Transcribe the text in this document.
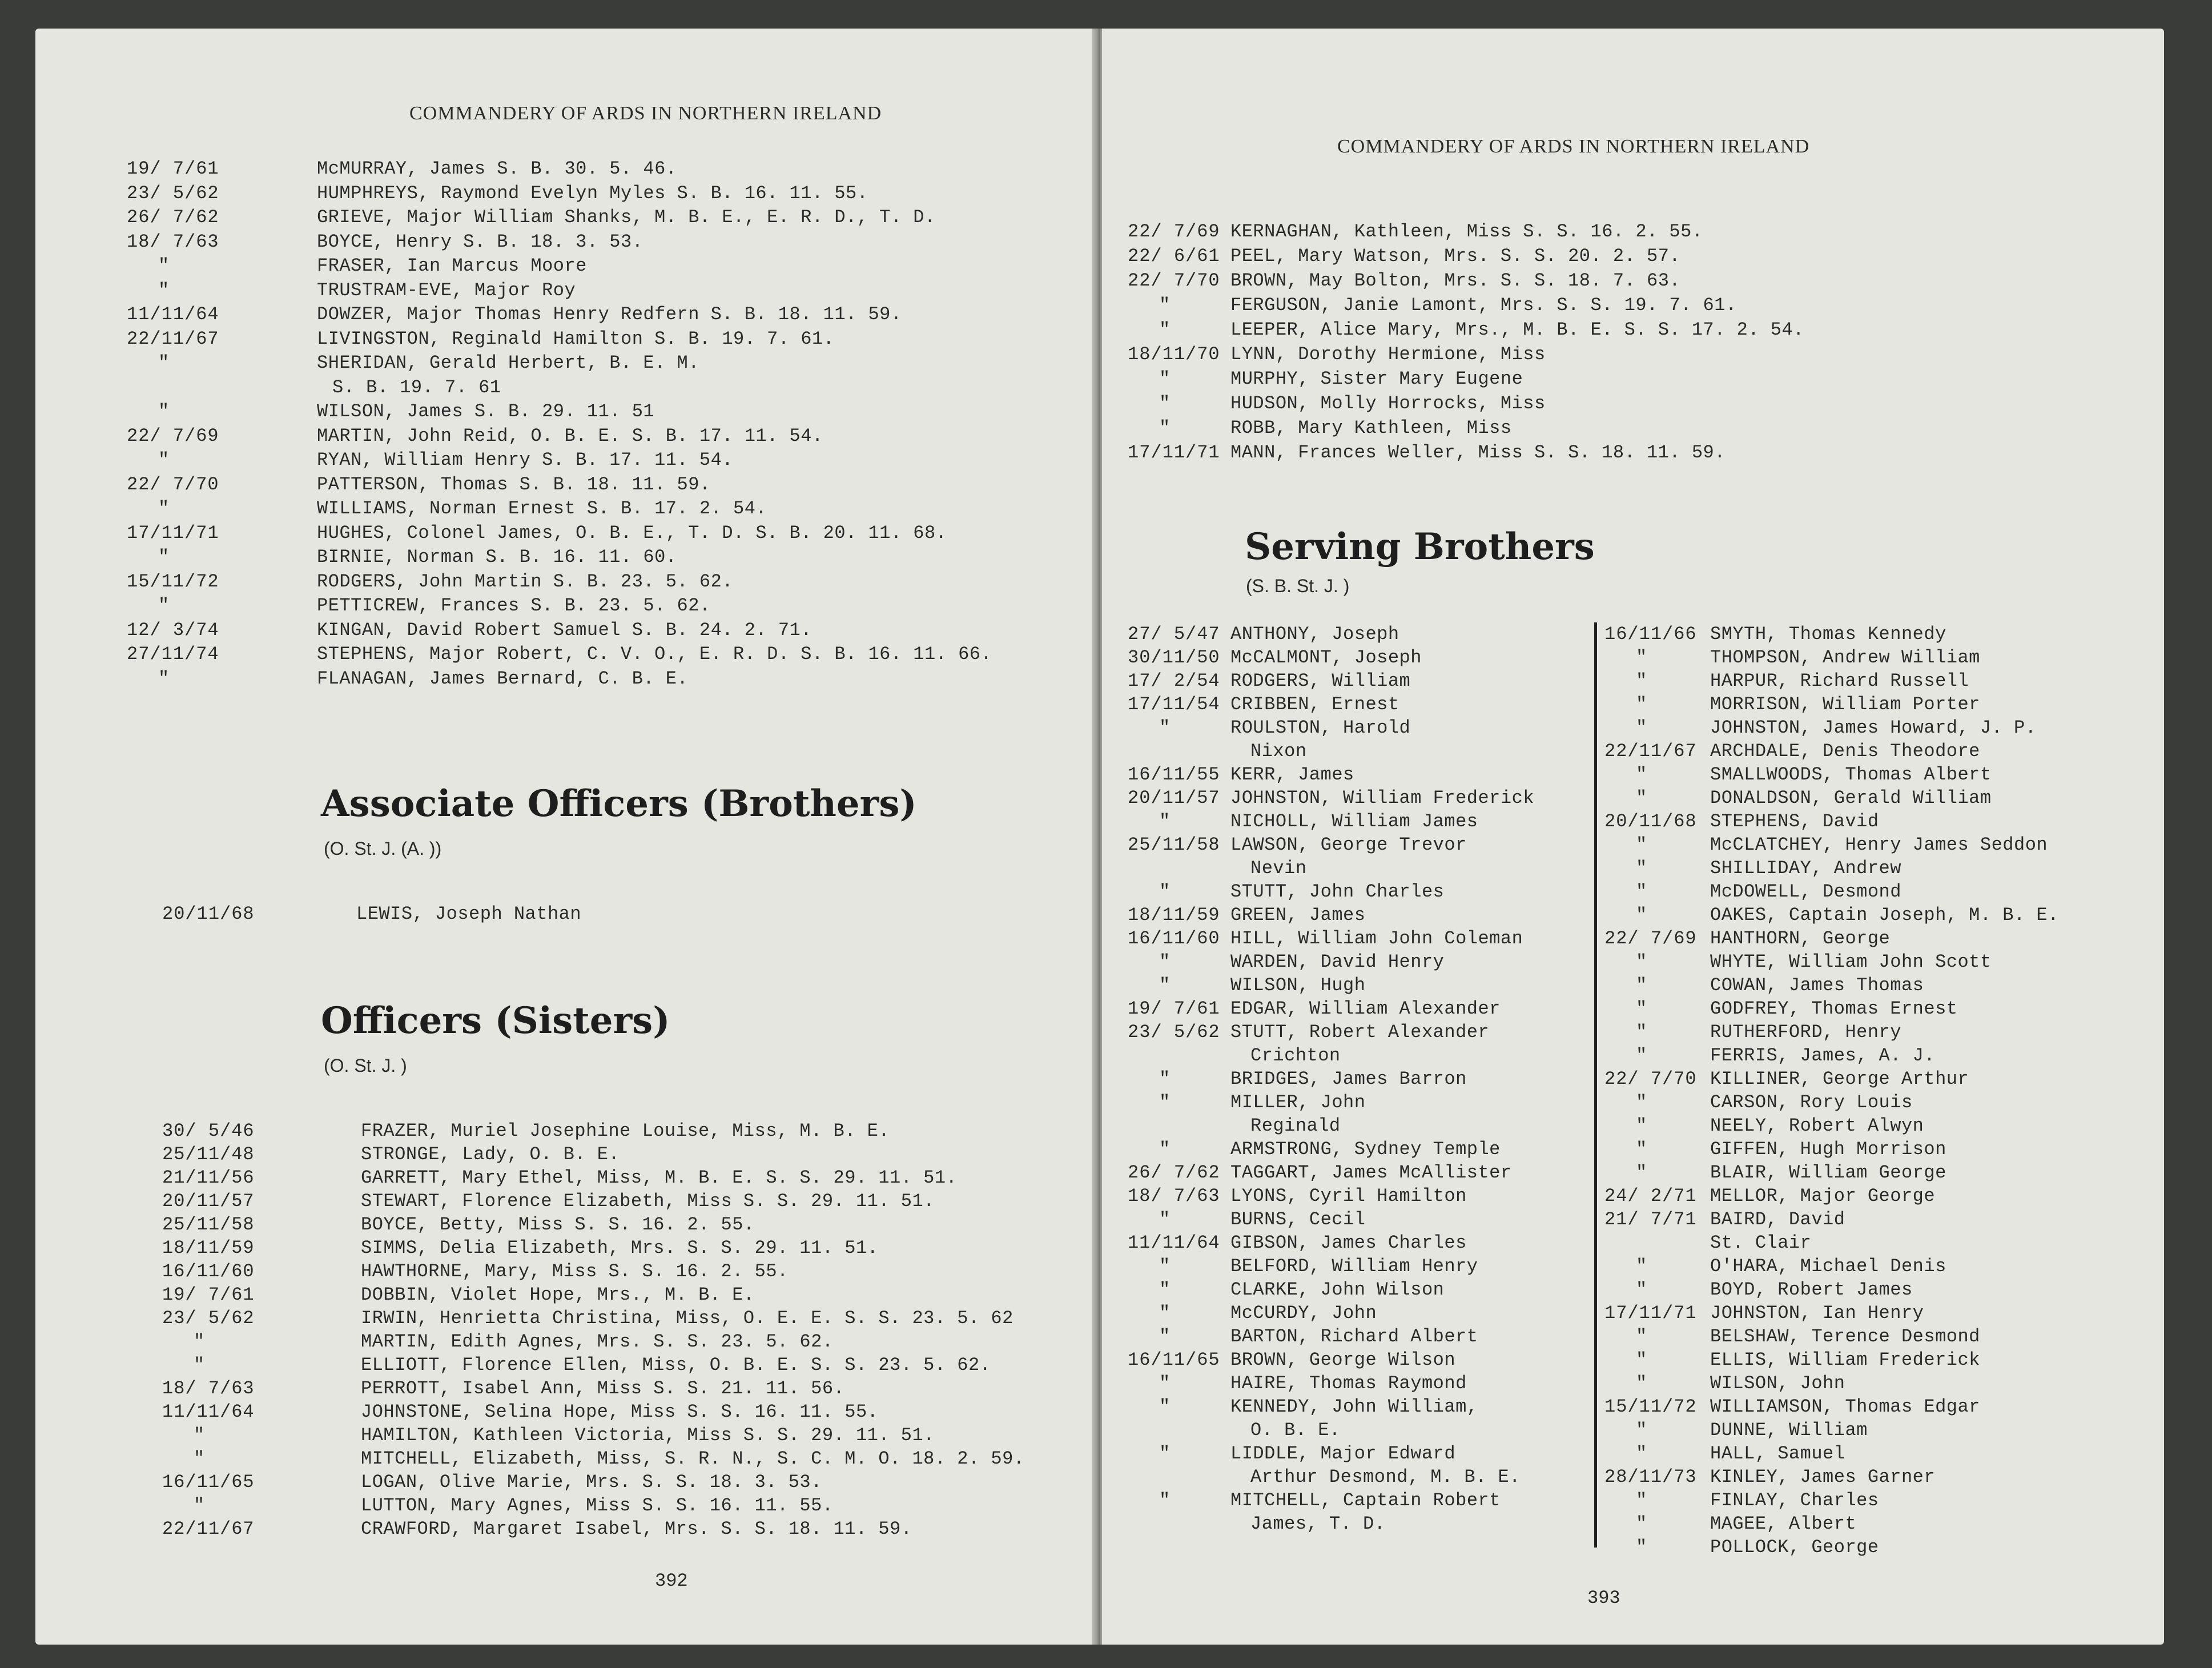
COMMANDERY OF ARDS IN NORTHERN IRELAND
19/ 7/61	McMURRAY, James S. B. 30. 5. 46.
23/ 5/62	HUMPHREYS, Raymond Evelyn Myles S. B. 16. 11. 55.
26/ 7/62	GRIEVE, Major William Shanks, M. B. E., E. R. D., T. D.
18/ 7/63	BOYCE, Henry S. B. 18. 3. 53.
"	FRASER, Ian Marcus Moore
"	TRUSTRAM-EVE, Major Roy
11/11/64	DOWZER, Major Thomas Henry Redfern S. B. 18. 11. 59.
22/11/67	LIVINGSTON, Reginald Hamilton S. B. 19. 7. 61.
"	SHERIDAN, Gerald Herbert, B. E. M.
S. B. 19. 7. 61
"	WILSON, James S. B. 29. 11. 51
22/ 7/69	MARTIN, John Reid, O. B. E. S. B. 17. 11. 54.
"	RYAN, William Henry S. B. 17. 11. 54.
22/ 7/70	PATTERSON, Thomas S. B. 18. 11. 59.
"	WILLIAMS, Norman Ernest S. B. 17. 2. 54.
17/11/71	HUGHES, Colonel James, O. B. E., T. D. S. B. 20. 11. 68.
"	BIRNIE, Norman S. B. 16. 11. 60.
15/11/72	RODGERS, John Martin S. B. 23. 5. 62.
"	PETTICREW, Frances S. B. 23. 5. 62.
12/ 3/74	KINGAN, David Robert Samuel S. B. 24. 2. 71.
27/11/74	STEPHENS, Major Robert, C. V. O., E. R. D. S. B. 16. 11. 66.
"	FLANAGAN, James Bernard, C. B. E.
Associate Officers (Brothers)
(O. St. J. (A. ))
20/11/68	LEWIS, Joseph Nathan
Officers (Sisters)
(O. St. J. )
30/ 5/46	FRAZER, Muriel Josephine Louise, Miss, M. B. E.
25/11/48	STRONGE, Lady, O. B. E.
21/11/56	GARRETT, Mary Ethel, Miss, M. B. E. S. S. 29. 11. 51.
20/11/57	STEWART, Florence Elizabeth, Miss S. S. 29. 11. 51.
25/11/58	BOYCE, Betty, Miss S. S. 16. 2. 55.
18/11/59	SIMMS, Delia Elizabeth, Mrs. S. S. 29. 11. 51.
16/11/60	HAWTHORNE, Mary, Miss S. S. 16. 2. 55.
19/ 7/61	DOBBIN, Violet Hope, Mrs., M. B. E.
23/ 5/62	IRWIN, Henrietta Christina, Miss, O. E. E. S. S. 23. 5. 62
"	MARTIN, Edith Agnes, Mrs. S. S. 23. 5. 62.
"	ELLIOTT, Florence Ellen, Miss, O. B. E. S. S. 23. 5. 62.
18/ 7/63	PERROTT, Isabel Ann, Miss S. S. 21. 11. 56.
11/11/64	JOHNSTONE, Selina Hope, Miss S. S. 16. 11. 55.
"	HAMILTON, Kathleen Victoria, Miss S. S. 29. 11. 51.
"	MITCHELL, Elizabeth, Miss, S. R. N., S. C. M. O. 18. 2. 59.
16/11/65	LOGAN, Olive Marie, Mrs. S. S. 18. 3. 53.
"	LUTTON, Mary Agnes, Miss S. S. 16. 11. 55.
22/11/67	CRAWFORD, Margaret Isabel, Mrs. S. S. 18. 11. 59.
392
COMMANDERY OF ARDS IN NORTHERN IRELAND
22/ 7/69 KERNAGHAN, Kathleen, Miss S. S. 16. 2. 55.
22/ 6/61 PEEL, Mary Watson, Mrs. S. S. 20. 2. 57.
22/ 7/70 BROWN, May Bolton, Mrs. S. S. 18. 7. 63.
"	FERGUSON, Janie Lamont, Mrs. S. S. 19. 7. 61.
"	LEEPER, Alice Mary, Mrs., M. B. E. S. S. 17. 2. 54.
18/11/70 LYNN, Dorothy Hermione, Miss
"	MURPHY, Sister Mary Eugene
"	HUDSON, Molly Horrocks, Miss
"	ROBB, Mary Kathleen, Miss
17/11/71 MANN, Frances Weller, Miss S. S. 18. 11. 59.
Serving Brothers
(S. B. St. J. )
27/ 5/47 ANTHONY, Joseph
30/11/50 McCALMONT, Joseph
17/ 2/54 RODGERS, William
17/11/54 CRIBBEN, Ernest
"	ROULSTON, Harold
Nixon
16/11/55 KERR, James
20/11/57 JOHNSTON, William Frederick
"	NICHOLL, William James
25/11/58 LAWSON, George Trevor
Nevin
"	STUTT, John Charles
18/11/59 GREEN, James
16/11/60 HILL, William John Coleman
"	WARDEN, David Henry
"	WILSON, Hugh
19/ 7/61 EDGAR, William Alexander
23/ 5/62 STUTT, Robert Alexander
Crichton
"	BRIDGES, James Barron
"	MILLER, John
Reginald
"	ARMSTRONG, Sydney Temple
26/ 7/62 TAGGART, James McAllister
18/ 7/63 LYONS, Cyril Hamilton
"	BURNS, Cecil
11/11/64 GIBSON, James Charles
"	BELFORD, William Henry
"	CLARKE, John Wilson
"	McCURDY, John
"	BARTON, Richard Albert
16/11/65 BROWN, George Wilson
"	HAIRE, Thomas Raymond
"	KENNEDY, John William,
O. B. E.
"	LIDDLE, Major Edward
Arthur Desmond, M. B. E.
"	MITCHELL, Captain Robert
James, T. D.
16/11/66 SMYTH, Thomas Kennedy
"	THOMPSON, Andrew William
"	HARPUR, Richard Russell
"	MORRISON, William Porter
"	JOHNSTON, James Howard, J. P.
22/11/67 ARCHDALE, Denis Theodore
"	SMALLWOODS, Thomas Albert
"	DONALDSON, Gerald William
20/11/68 STEPHENS, David
"	McCLATCHEY, Henry James Seddon
"	SHILLIDAY, Andrew
"	McDOWELL, Desmond
"	OAKES, Captain Joseph, M. B. E.
22/ 7/69 HANTHORN, George
"	WHYTE, William John Scott
"	COWAN, James Thomas
"	GODFREY, Thomas Ernest
"	RUTHERFORD, Henry
"	FERRIS, James, A. J.
22/ 7/70 KILLINER, George Arthur
"	CARSON, Rory Louis
"	NEELY, Robert Alwyn
"	GIFFEN, Hugh Morrison
"	BLAIR, William George
24/ 2/71 MELLOR, Major George
21/ 7/71 BAIRD, David
St. Clair
"	O'HARA, Michael Denis
"	BOYD, Robert James
17/11/71 JOHNSTON, Ian Henry
"	BELSHAW, Terence Desmond
"	ELLIS, William Frederick
"	WILSON, John
15/11/72 WILLIAMSON, Thomas Edgar
"	DUNNE, William
"	HALL, Samuel
28/11/73 KINLEY, James Garner
"	FINLAY, Charles
"	MAGEE, Albert
"	POLLOCK, George
393
